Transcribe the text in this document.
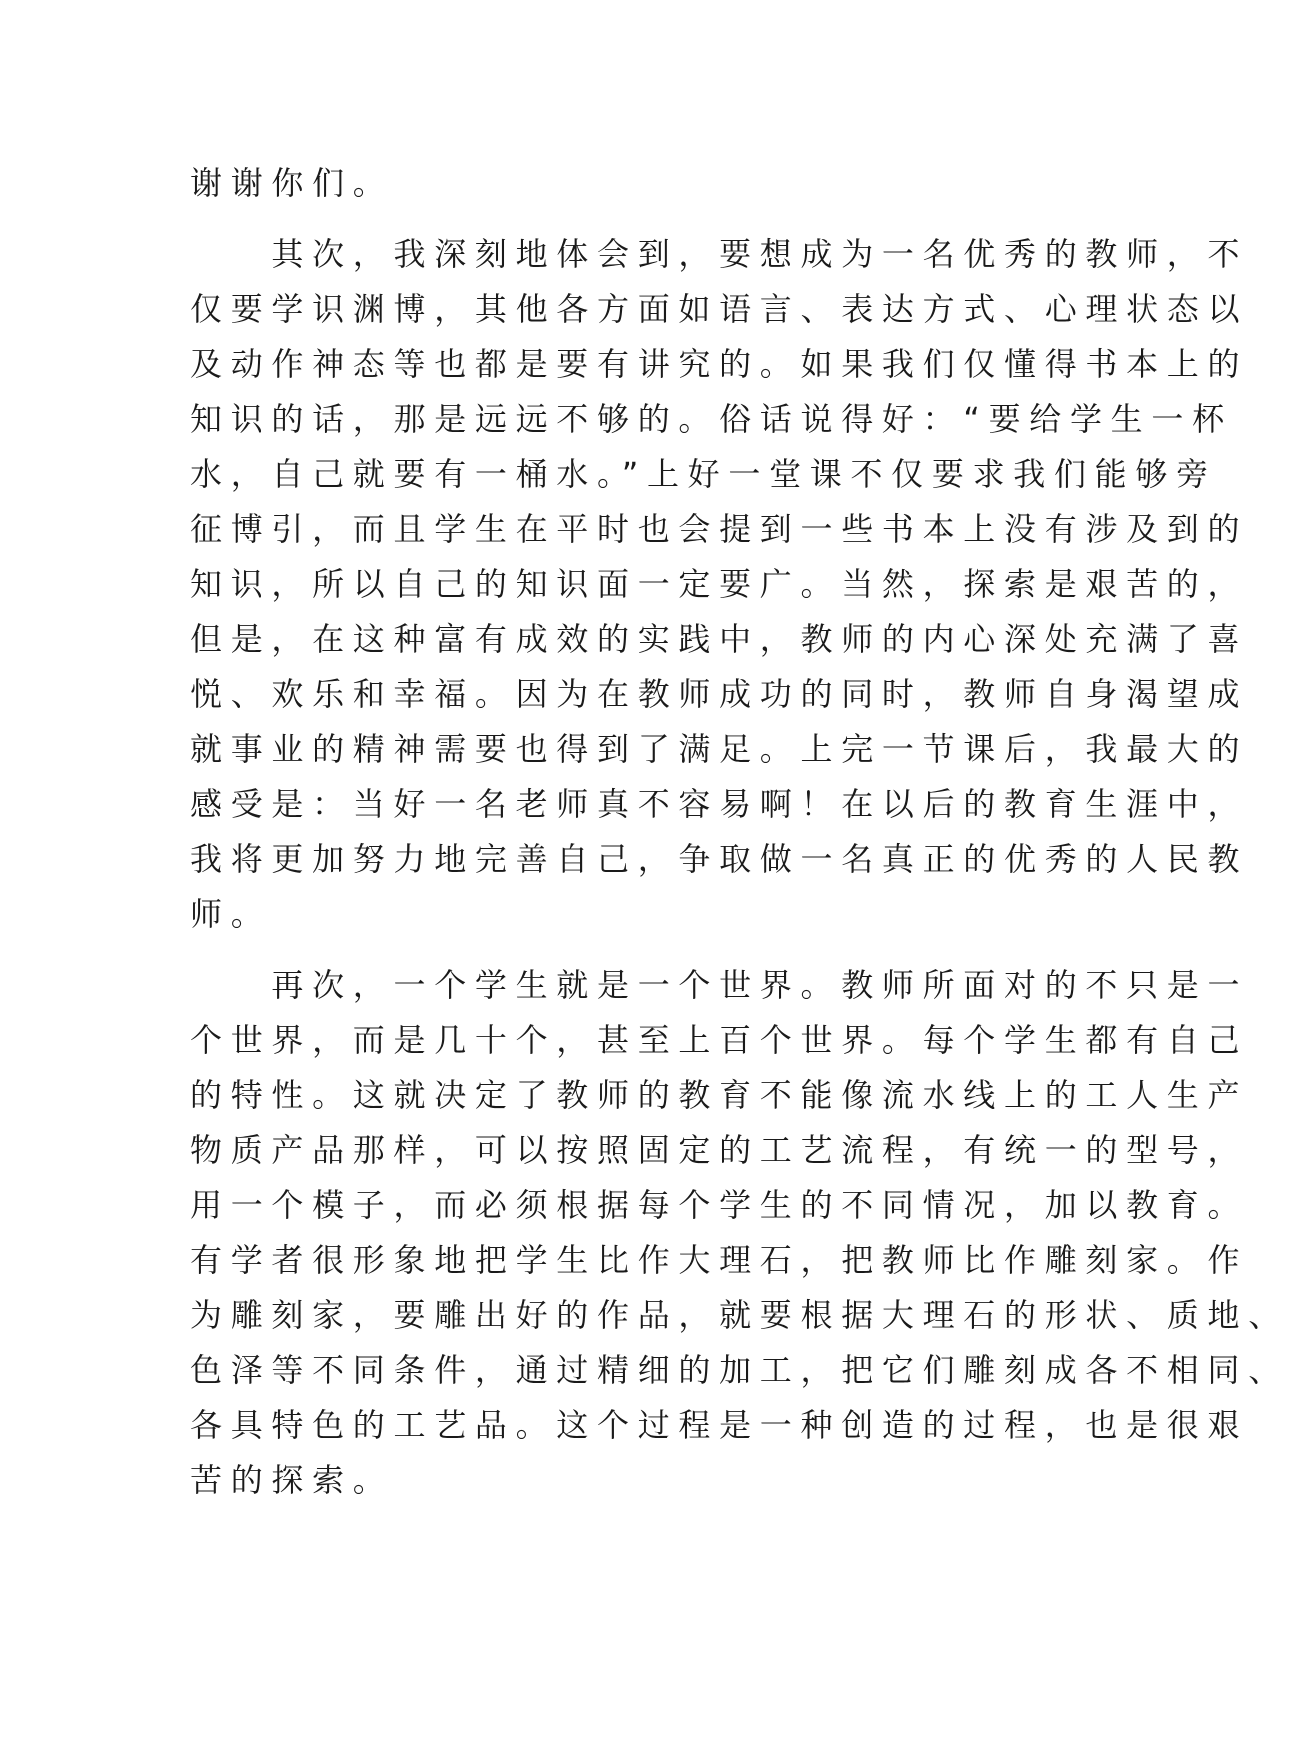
谢谢你们。
　　其次，我深刻地体会到，要想成为一名优秀的教师，不
仅要学识渊博，其他各方面如语言、表达方式、心理状态以
及动作神态等也都是要有讲究的。如果我们仅懂得书本上的
知识的话，那是远远不够的。俗话说得好：“要给学生一杯
水，自己就要有一桶水。”上好一堂课不仅要求我们能够旁
征博引，而且学生在平时也会提到一些书本上没有涉及到的
知识，所以自己的知识面一定要广。当然，探索是艰苦的，
但是，在这种富有成效的实践中，教师的内心深处充满了喜
悦、欢乐和幸福。因为在教师成功的同时，教师自身渴望成
就事业的精神需要也得到了满足。上完一节课后，我最大的
感受是：当好一名老师真不容易啊！在以后的教育生涯中，
我将更加努力地完善自己，争取做一名真正的优秀的人民教
师。
　　再次，一个学生就是一个世界。教师所面对的不只是一
个世界，而是几十个，甚至上百个世界。每个学生都有自己
的特性。这就决定了教师的教育不能像流水线上的工人生产
物质产品那样，可以按照固定的工艺流程，有统一的型号，
用一个模子，而必须根据每个学生的不同情况，加以教育。
有学者很形象地把学生比作大理石，把教师比作雕刻家。作
为雕刻家，要雕出好的作品，就要根据大理石的形状、质地、
色泽等不同条件，通过精细的加工，把它们雕刻成各不相同、
各具特色的工艺品。这个过程是一种创造的过程，也是很艰
苦的探索。
